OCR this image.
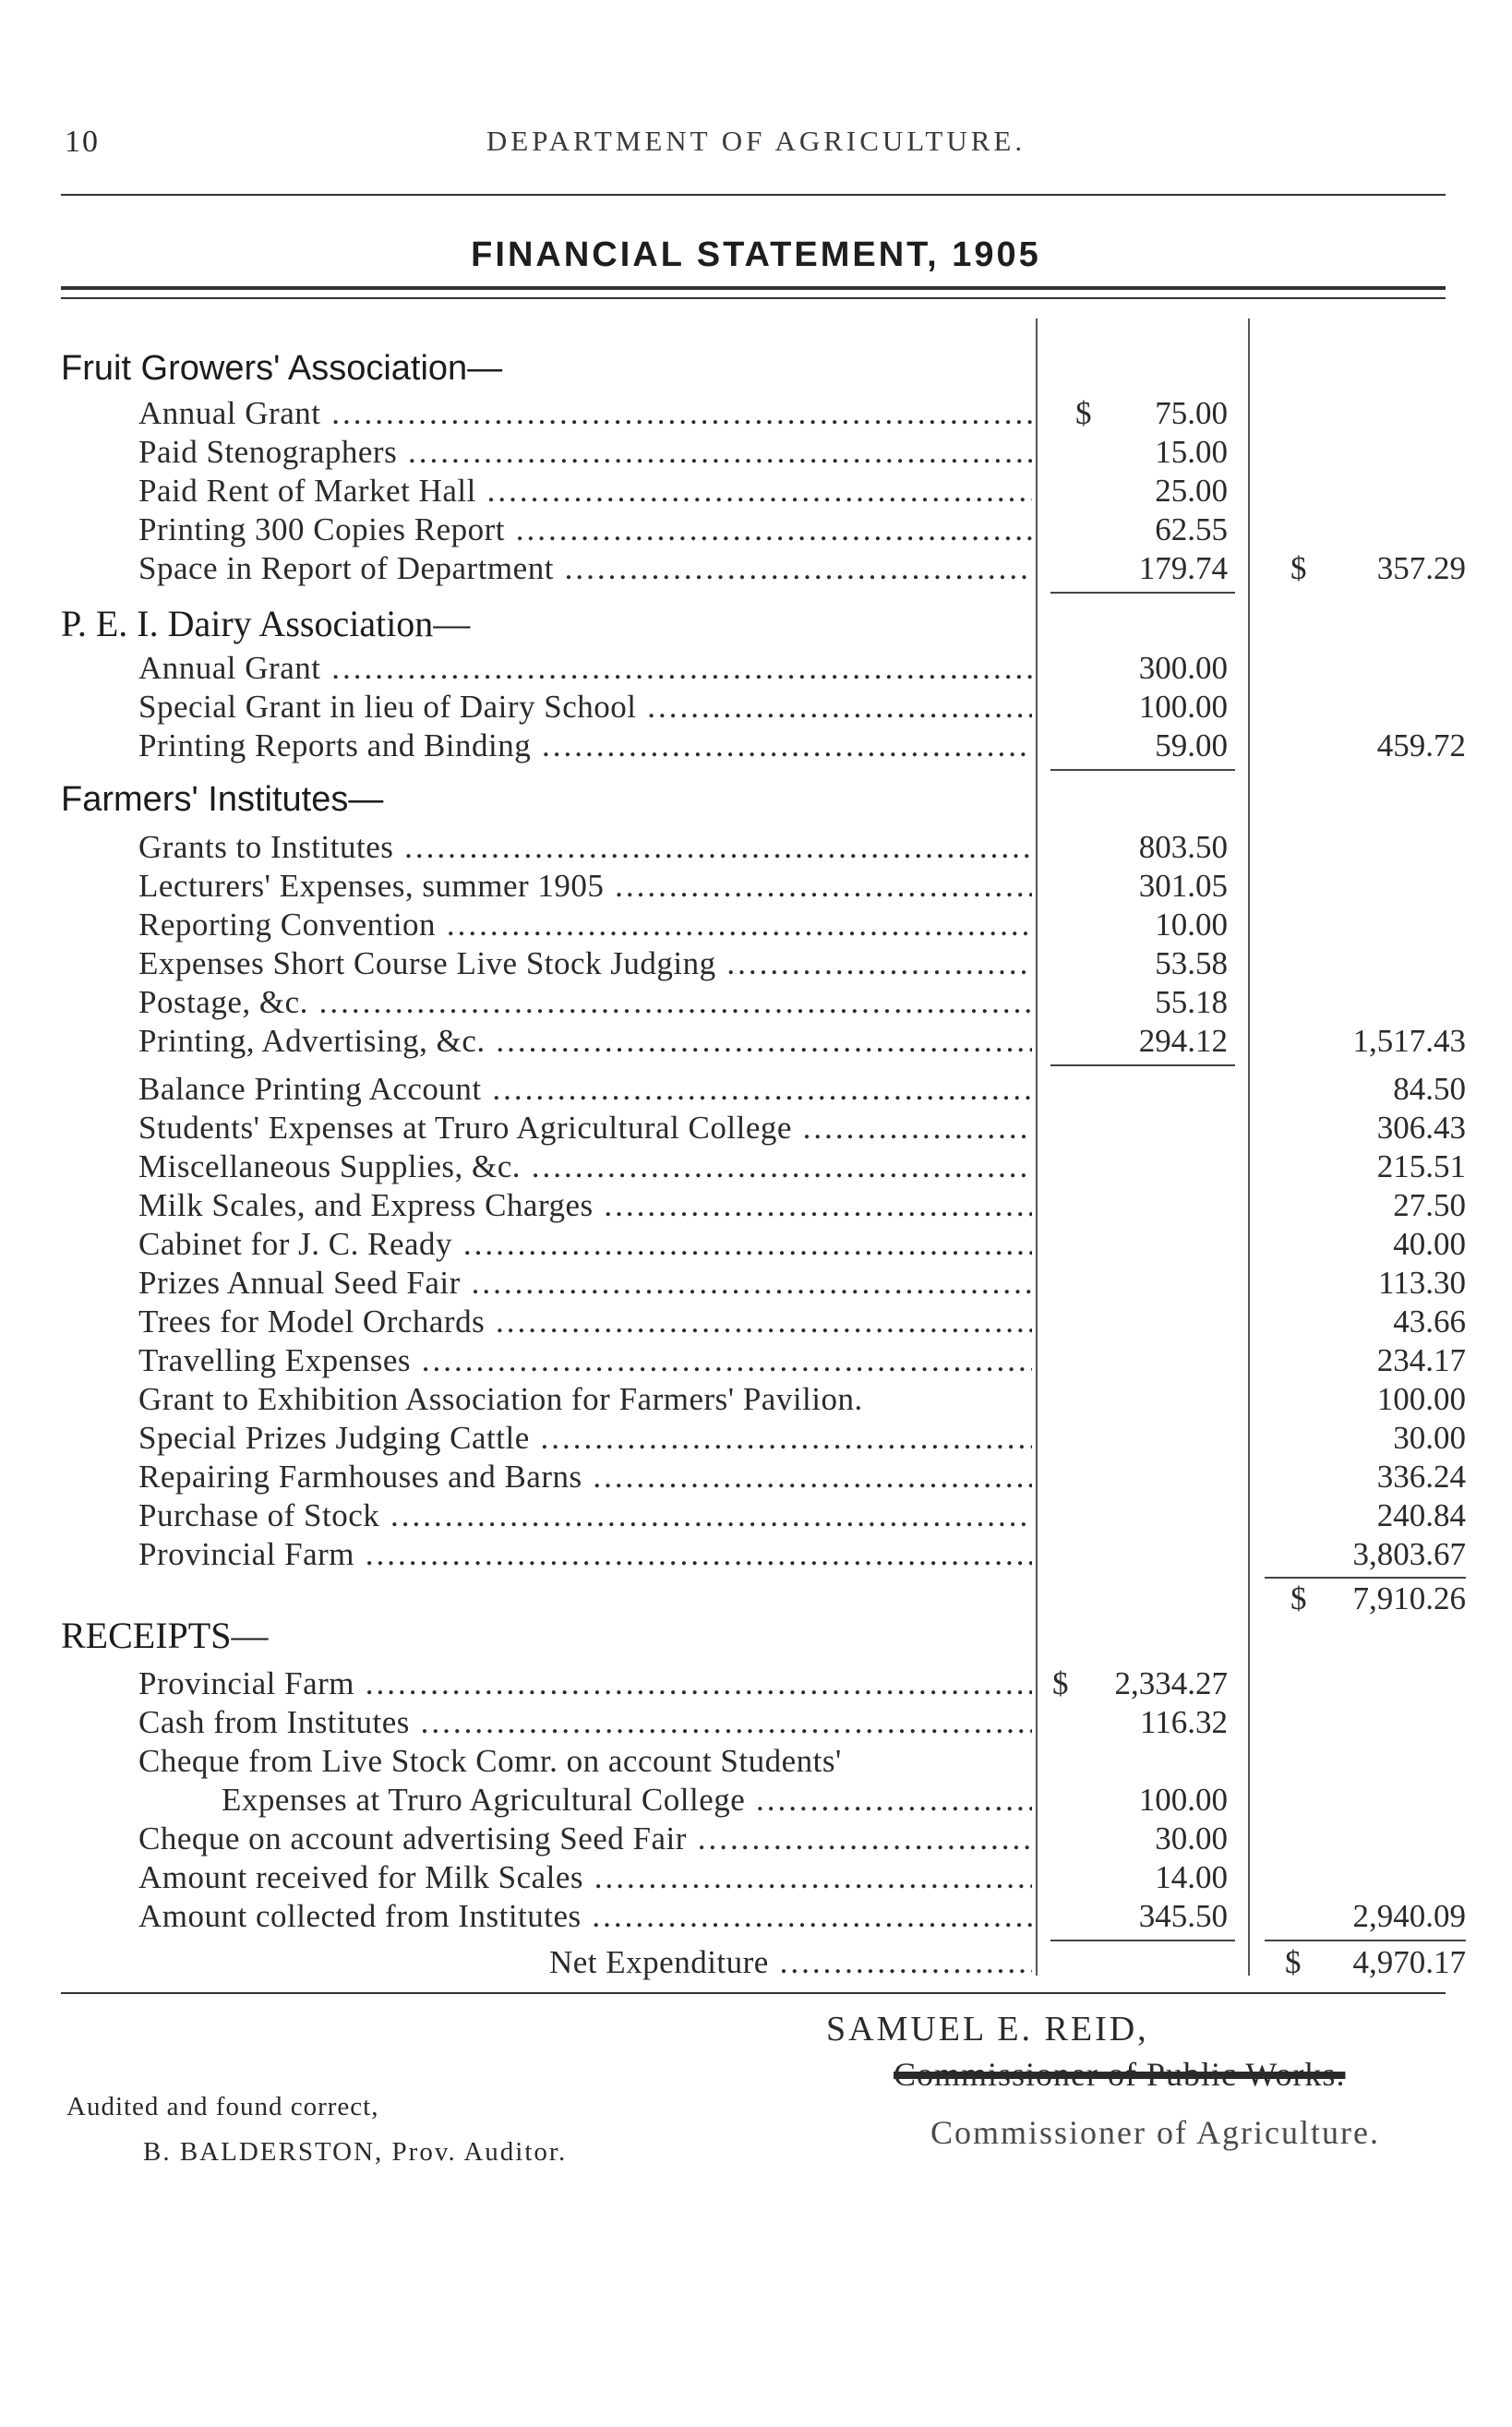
10	DEPARTMENT OF AGRICULTURE.
FINANCIAL STATEMENT, 1905
Fruit Growers' Association—
Annual Grant .....	$	75.00
Paid Stenographers .....	15.00
Paid Rent of Market Hall .....	25.00
Printing 300 Copies Report .....	62.55
Space in Report of Department .....	179.74 $	357.29
P. E. I. Dairy Association—
Annual Grant .....	300.00
Special Grant in lieu of Dairy School .....	100.00
Printing Reports and Binding .....	59.00	459.72
Farmers' Institutes—
Grants to Institutes .....	803.50
Lecturers' Expenses, summer 1905 .....	301.05
Reporting Convention .....	10.00
Expenses Short Course Live Stock Judging .....	53.58
Postage, &c. .....	55.18
Printing, Advertising, &c. .....	294.12	1,517.43
Balance Printing Account .....	84.50
Students' Expenses at Truro Agricultural College .....	306.43
Miscellaneous Supplies, &c. .....	215.51
Milk Scales, and Express Charges .....	27.50
Cabinet for J. C. Ready .....	40.00
Prizes Annual Seed Fair .....	113.30
Trees for Model Orchards .....	43.66
Travelling Expenses .....	234.17
Grant to Exhibition Association for Farmers' Pavilion.	100.00
Special Prizes Judging Cattle .....	30.00
Repairing Farmhouses and Barns .....	336.24
Purchase of Stock .....	240.84
Provincial Farm .....	3,803.67
$	7,910.26
RECEIPTS—
Provincial Farm .....	$	2,334.27
Cash from Institutes .....	116.32
Cheque from Live Stock Comr. on account Students'
Expenses at Truro Agricultural College .....	100.00
Cheque on account advertising Seed Fair .....	30.00
Amount received for Milk Scales .....	14.00
Amount collected from Institutes .....	345.50	2,940.09
Net Expenditure .....	$	4,970.17
SAMUEL E. REID,
Commissioner of Public Works.
Commissioner of Agriculture.
Audited and found correct,
B. BALDERSTON, Prov. Auditor.
